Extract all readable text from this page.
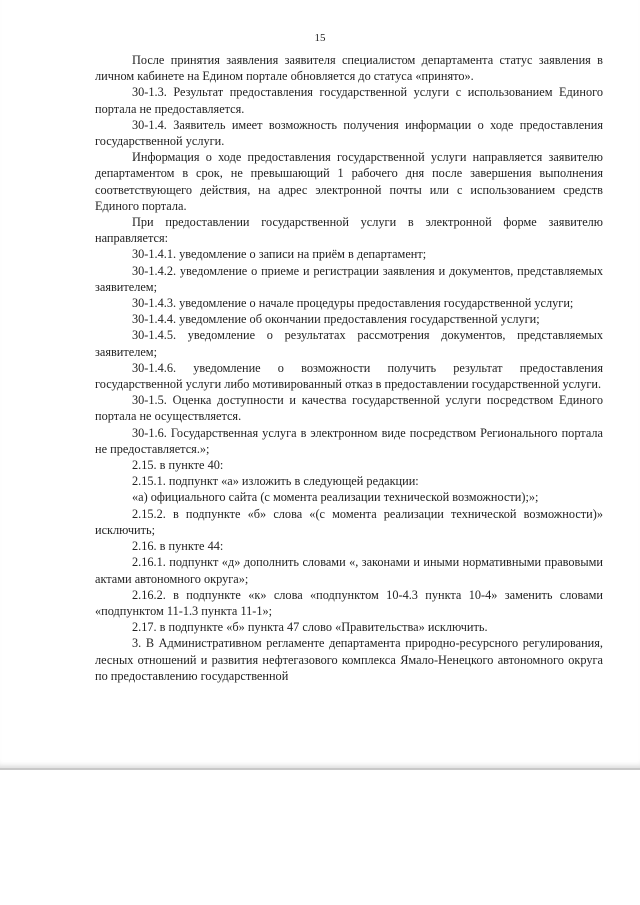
15

После принятия заявления заявителя специалистом департамента статус заявления в личном кабинете на Едином портале обновляется до статуса «принято».

30-1.3. Результат предоставления государственной услуги с использованием Единого портала не предоставляется.

30-1.4. Заявитель имеет возможность получения информации о ходе предоставления государственной услуги.

Информация о ходе предоставления государственной услуги направляется заявителю департаментом в срок, не превышающий 1 рабочего дня после завершения выполнения соответствующего действия, на адрес электронной почты или с использованием средств Единого портала.

При предоставлении государственной услуги в электронной форме заявителю направляется:

30-1.4.1. уведомление о записи на приём в департамент;

30-1.4.2. уведомление о приеме и регистрации заявления и документов, представляемых заявителем;

30-1.4.3. уведомление о начале процедуры предоставления государственной услуги;

30-1.4.4. уведомление об окончании предоставления государственной услуги;

30-1.4.5. уведомление о результатах рассмотрения документов, представляемых заявителем;

30-1.4.6. уведомление о возможности получить результат предоставления государственной услуги либо мотивированный отказ в предоставлении государственной услуги.

30-1.5. Оценка доступности и качества государственной услуги посредством Единого портала не осуществляется.

30-1.6. Государственная услуга в электронном виде посредством Регионального портала не предоставляется.»;

2.15. в пункте 40:

2.15.1. подпункт «а» изложить в следующей редакции:

«а) официального сайта (с момента реализации технической возможности);»;

2.15.2. в подпункте «б» слова «(с момента реализации технической возможности)» исключить;

2.16. в пункте 44:

2.16.1. подпункт «д» дополнить словами «, законами и иными нормативными правовыми актами автономного округа»;

2.16.2. в подпункте «к» слова «подпунктом 10-4.3 пункта 10-4» заменить словами «подпунктом 11-1.3 пункта 11-1»;

2.17. в подпункте «б» пункта 47 слово «Правительства» исключить.

3. В Административном регламенте департамента природно-ресурсного регулирования, лесных отношений и развития нефтегазового комплекса Ямало-Ненецкого автономного округа по предоставлению государственной
